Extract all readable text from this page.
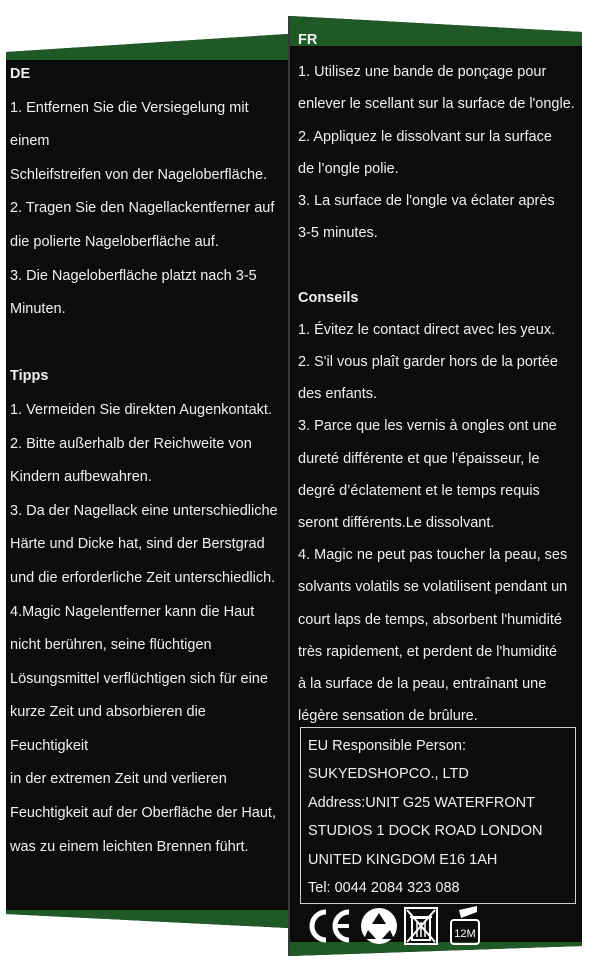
DE

1. Entfernen Sie die Versiegelung mit einem

Schleifstreifen von der Nageloberfläche.

2. Tragen Sie den Nagellackentferner auf

die polierte Nageloberfläche auf.

3. Die Nageloberfläche platzt nach 3-5

Minuten.

Tipps

1. Vermeiden Sie direkten Augenkontakt.

2. Bitte außerhalb der Reichweite von

Kindern aufbewahren.

3. Da der Nagellack eine unterschiedliche

Härte und Dicke hat, sind der Berstgrad

und die erforderliche Zeit unterschiedlich.

4.Magic Nagelentferner kann die Haut

nicht berühren, seine flüchtigen

Lösungsmittel verflüchtigen sich für eine

kurze Zeit und absorbieren die Feuchtigkeit

in der extremen Zeit und verlieren

Feuchtigkeit auf der Oberfläche der Haut,

was zu einem leichten Brennen führt.

FR

1. Utilisez une bande de ponçage pour

enlever le scellant sur la surface de l'ongle.

2. Appliquez le dissolvant sur la surface

de l’ongle polie.

3. La surface de l'ongle va éclater après

3-5 minutes.

Conseils

1. Évitez le contact direct avec les yeux.

2. S'il vous plaît garder hors de la portée

des enfants.

3. Parce que les vernis à ongles ont une

dureté différente et que l’épaisseur, le

degré d’éclatement et le temps requis

seront différents.Le dissolvant.

4. Magic ne peut pas toucher la peau, ses

solvants volatils se volatilisent pendant un

court laps de temps, absorbent l'humidité

très rapidement, et perdent de l'humidité

à la surface de la peau, entraînant une

légère sensation de brûlure.

EU Responsible Person:

SUKYEDSHOPCO., LTD

Address:UNIT G25 WATERFRONT

STUDIOS 1 DOCK ROAD LONDON

UNITED KINGDOM E16 1AH

Tel: 0044 2084 323 088

12M
